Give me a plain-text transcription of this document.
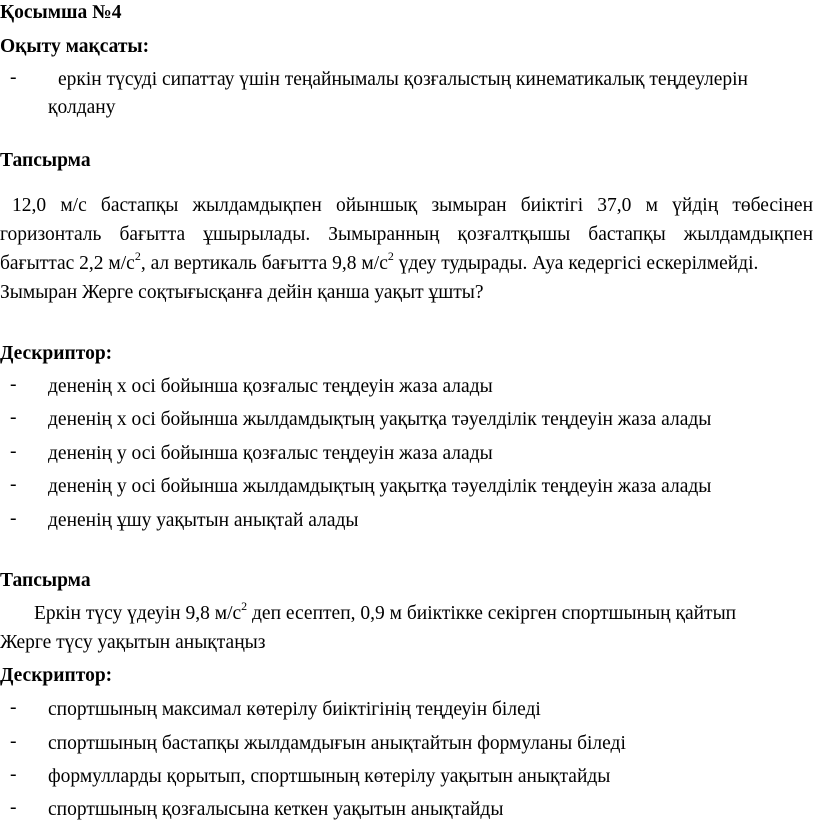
Қосымша №4
Оқыту мақсаты:
- еркін түсуді сипаттау үшін теңайнымалы қозғалыстың кинематикалық теңдеулерін
қолдану
Тапсырма
12,0 м/с бастапқы жылдамдықпен ойыншық зымыран биіктігі 37,0 м үйдің төбесінен
горизонталь бағытта ұшырылады. Зымыранның қозғалтқышы бастапқы жылдамдықпен
бағыттас 2,2 $м/с^2$, ал вертикаль бағытта 9,8 $м/с^2$ үдеу тудырады. Ауа кедергісі ескерілмейді.
Зымыран Жерге соқтығысқанға дейін қанша уақыт ұшты?
Дескриптор:
- дененің х осі бойынша қозғалыс теңдеуін жаза алады
- дененің х осі бойынша жылдамдықтың уақытқа тәуелділік теңдеуін жаза алады
- дененің у осі бойынша қозғалыс теңдеуін жаза алады
- дененің у осі бойынша жылдамдықтың уақытқа тәуелділік теңдеуін жаза алады
- дененің ұшу уақытын анықтай алады
Тапсырма
Еркін түсу үдеуін 9,8 $м/с^2$ деп есептеп, 0,9 м биіктікке секірген спортшының қайтып
Жерге түсу уақытын анықтаңыз
Дескриптор:
- спортшының максимал көтерілу биіктігінің теңдеуін біледі
- спортшының бастапқы жылдамдығын анықтайтын формуланы біледі
- формулларды қорытып, спортшының көтерілу уақытын анықтайды
- спортшының қозғалысына кеткен уақытын анықтайды
